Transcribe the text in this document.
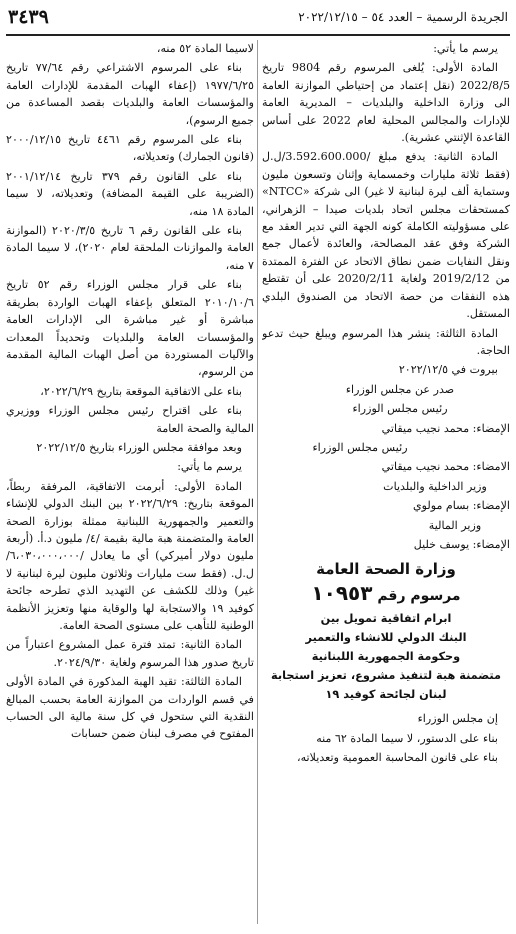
الجريدة الرسمية – العدد ٥٤ – ٢٠٢٢/١٢/١٥
٣٤٣٩

يرسم ما يأتي:

المادة الأولى: يُلغى المرسوم رقم 9804 تاريخ 2022/8/5 (نقل إعتماد من إحتياطي الموازنة العامة الى وزارة الداخلية والبلديات – المديرية العامة للإدارات والمجالس المحلية لعام 2022 على أساس القاعدة الإثنتي عشرية).

المادة الثانية: يدفع مبلغ /3.592.600.000/ل.ل (فقط ثلاثة مليارات وخمسماية وإثنان وتسعون مليون وستماية ألف ليرة لبنانية لا غير) الى شركة «NTCC» كمستحقات مجلس اتحاد بلديات صيدا – الزهراني، على مسؤوليته الكاملة كونه الجهة التي تدير العقد مع الشركة وفق عقد المصالحة، والعائدة لأعمال جمع ونقل النفايات ضمن نطاق الاتحاد عن الفترة الممتدة من 2019/2/12 ولغاية 2020/2/11 على أن تقتطع هذه النفقات من حصة الاتحاد من الصندوق البلدي المستقل.

المادة الثالثة: ينشر هذا المرسوم ويبلغ حيث تدعو الحاجة.

بيروت في ٢٠٢٢/١٢/٥

صدر عن مجلس الوزراء

رئيس مجلس الوزراء

الإمضاء: محمد نجيب ميقاتي

رئيس مجلس الوزراء

الامضاء: محمد نجيب ميقاتي

وزير الداخلية والبلديات

الإمضاء: بسام مولوي

وزير المالية

الإمضاء: يوسف خليل

وزارة الصحة العامة
مرسوم رقم ١٠٩٥٣
ابرام اتفاقية تمويل بين
البنك الدولي للانشاء والتعمير
وحكومة الجمهورية اللبنانية
متضمنة هبة لتنفيذ مشروع، تعزيز استجابة
لبنان لجائحة كوفيد ١٩

إن مجلس الوزراء

بناء على الدستور، لا سيما المادة ٦٢ منه

بناء على قانون المحاسبة العمومية وتعديلاته،

لاسيما المادة ٥٢ منه،

بناء على المرسوم الاشتراعي رقم ٧٧/٦٤ تاريخ ١٩٧٧/٦/٢٥ (إعفاء الهبات المقدمة للإدارات العامة والمؤسسات العامة والبلديات بقصد المساعدة من جميع الرسوم)،

بناء على المرسوم رقم ٤٤٦١ تاريخ ٢٠٠٠/١٢/١٥ (قانون الجمارك) وتعديلاته،

بناء على القانون رقم ٣٧٩ تاريخ ٢٠٠١/١٢/١٤ (الضريبة على القيمة المضافة) وتعديلاته، لا سيما المادة ١٨ منه،

بناء على القانون رقم ٦ تاريخ ٢٠٢٠/٣/٥ (الموازنة العامة والموازنات الملحقة لعام ٢٠٢٠)، لا سيما المادة ٧ منه،

بناء على قرار مجلس الوزراء رقم ٥٢ تاريخ ٢٠١٠/١٠/٦ المتعلق بإعفاء الهبات الواردة بطريقة مباشرة أو غير مباشرة الى الإدارات العامة والمؤسسات العامة والبلديات وتحديداً المعدات والآليات المستوردة من أصل الهبات المالية المقدمة من الرسوم،

بناء على الاتفاقية الموقعة بتاريخ ٢٠٢٢/٦/٢٩،

بناء على اقتراح رئيس مجلس الوزراء ووزيري المالية والصحة العامة

وبعد موافقة مجلس الوزراء بتاريخ ٢٠٢٢/١٢/٥

يرسم ما يأتي:

المادة الأولى: أبرمت الاتفاقية، المرفقة ربطاً، الموقعة بتاريخ: ٢٠٢٢/٦/٢٩ بين البنك الدولي للإنشاء والتعمير والجمهورية اللبنانية ممثلة بوزارة الصحة العامة والمتضمنة هبة مالية بقيمة /٤/ مليون د.أ. (أربعة مليون دولار أميركي) أي ما يعادل /٦،٠٣٠،٠٠٠،٠٠٠/ ل.ل. (فقط ست مليارات وثلاثون مليون ليرة لبنانية لا غير) وذلك للكشف عن التهديد الذي تطرحه جائحة كوفيد ١٩ والاستجابة لها والوقاية منها وتعزيز الأنظمة الوطنية للتأهب على مستوى الصحة العامة.

المادة الثانية: تمتد فترة عمل المشروع اعتباراً من تاريخ صدور هذا المرسوم ولغاية ٢٠٢٤/٩/٣٠.

المادة الثالثة: تقيد الهبة المذكورة في المادة الأولى في قسم الواردات من الموازنة العامة بحسب المبالغ النقدية التي ستحول في كل سنة مالية الى الحساب المفتوح في مصرف لبنان ضمن حسابات
